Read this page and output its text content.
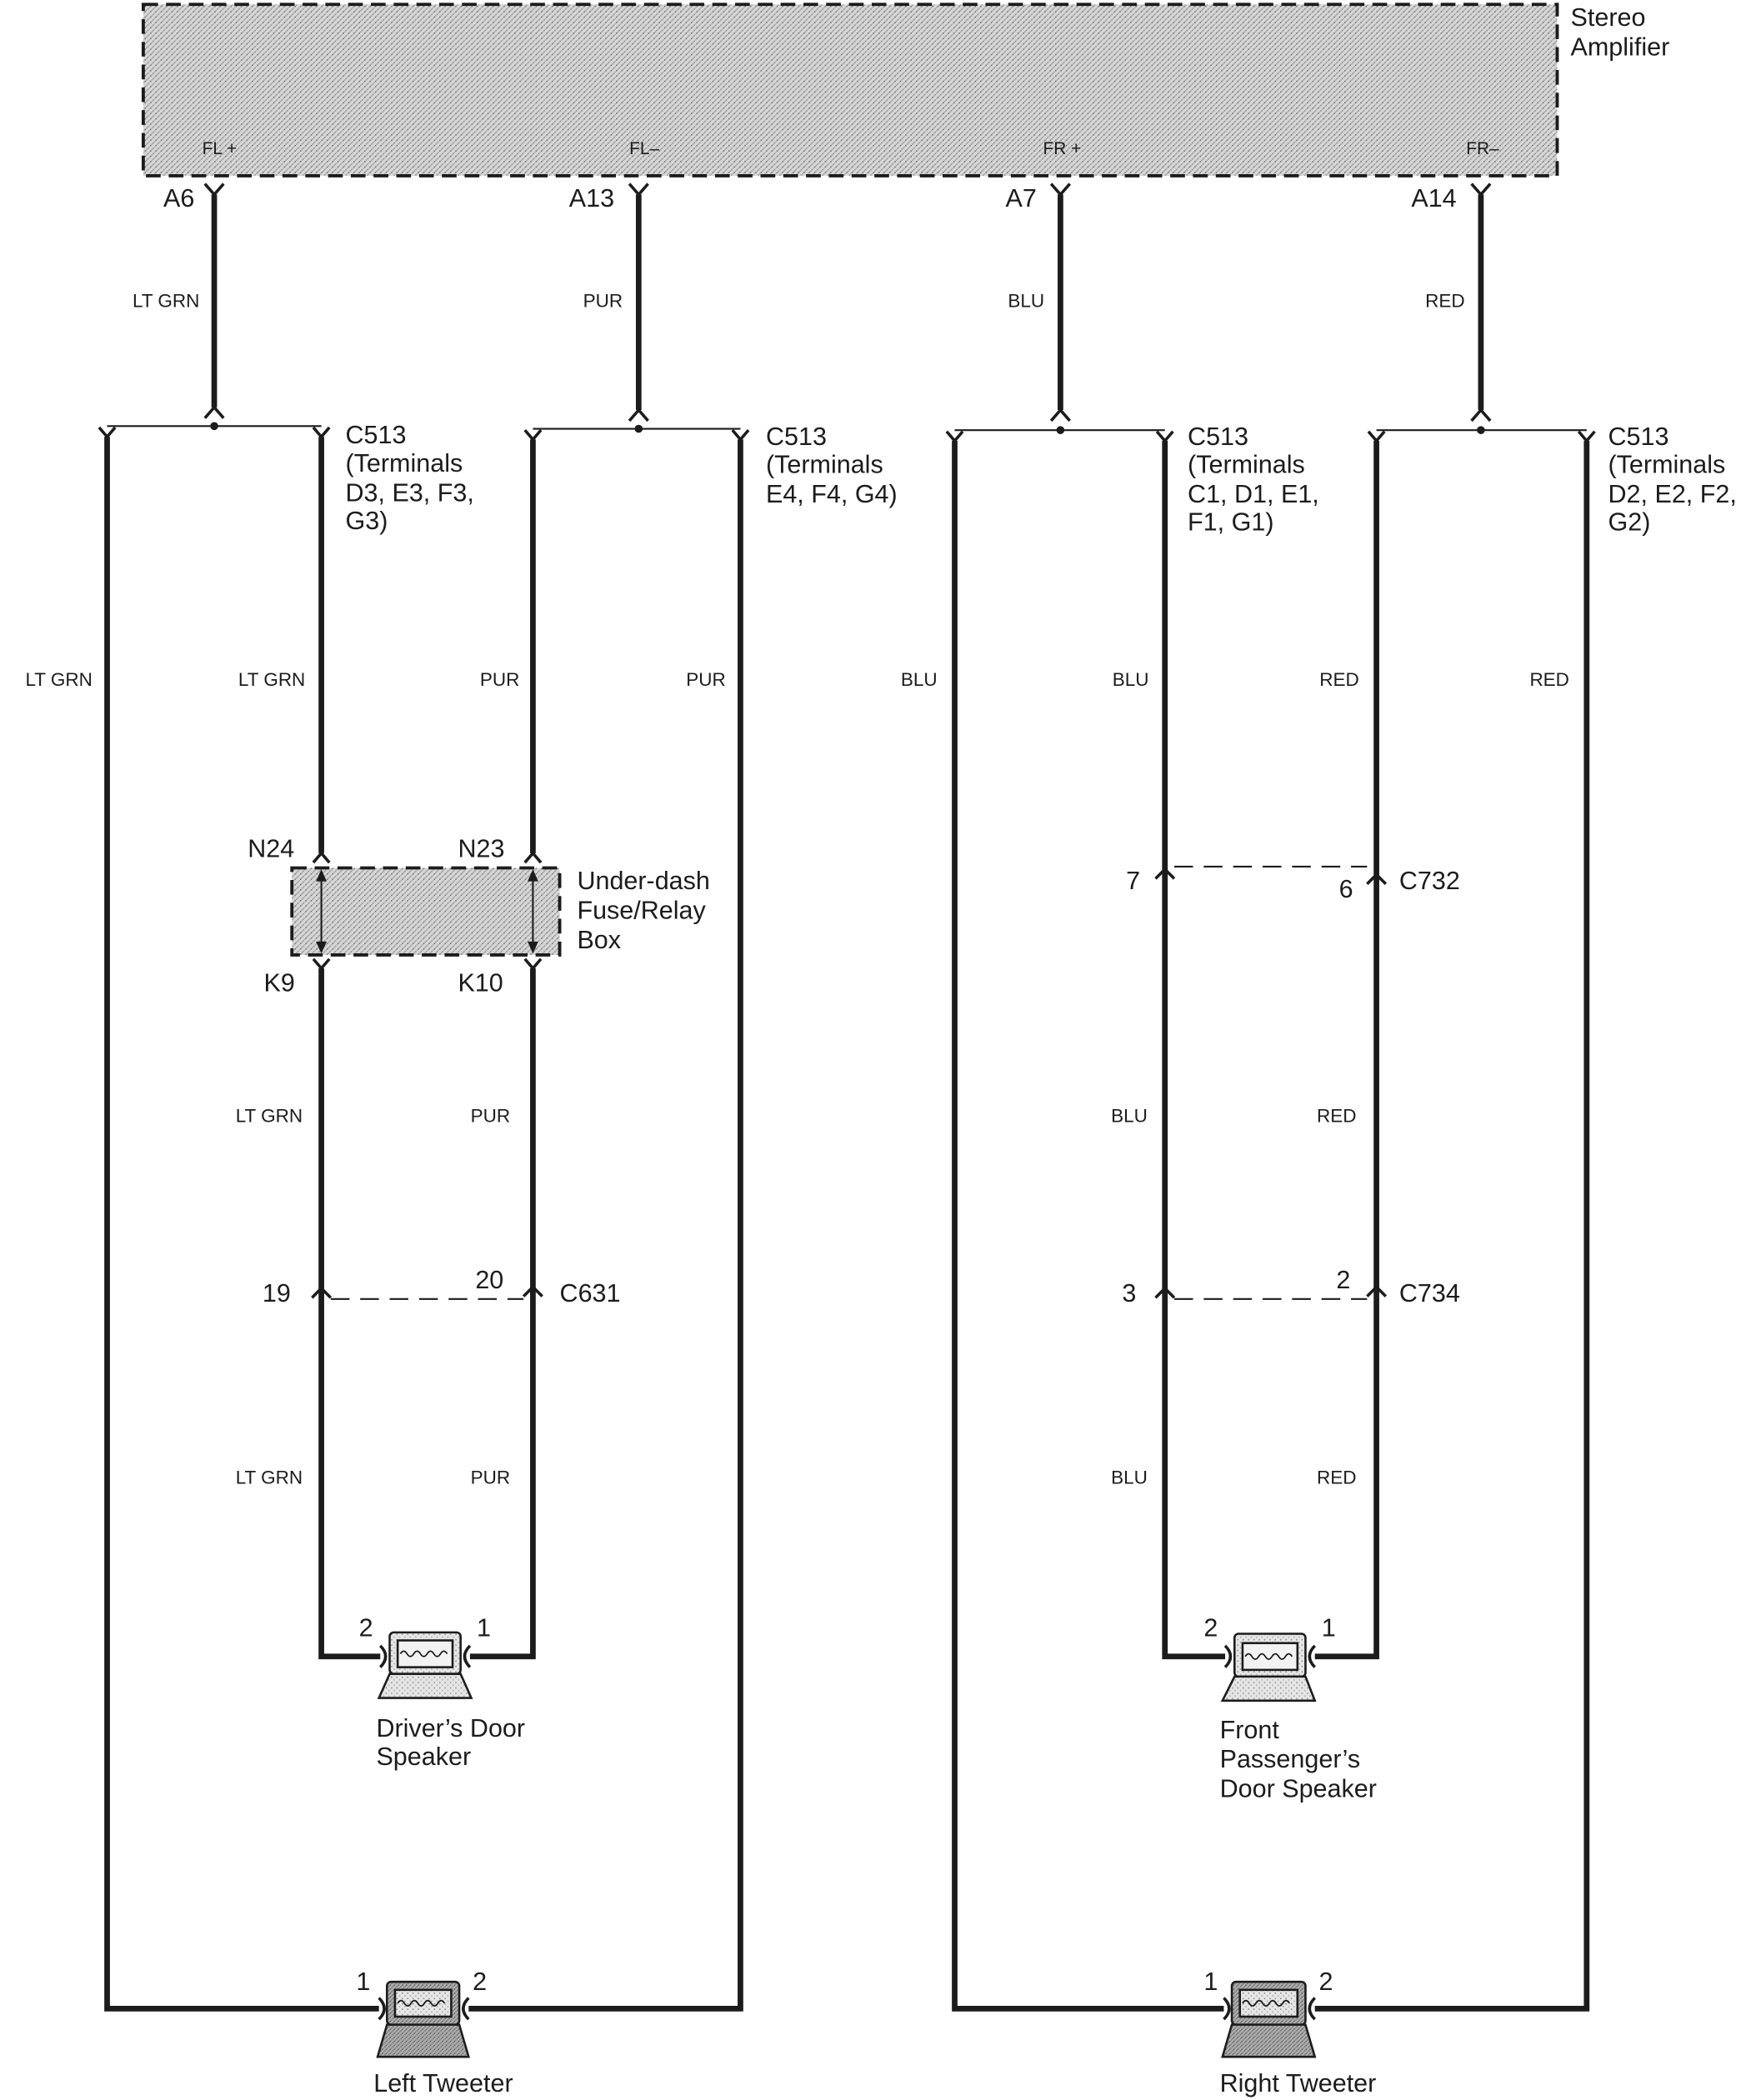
Stereo
Amplifier
FL +	FL–	FR +	FR–
A6	A13	A7	A14
LT GRN	PUR	BLU	RED
C513
(Terminals
D3, E3, F3,
G3)
C513
(Terminals
E4, F4, G4)
C513
(Terminals
C1, D1, E1,
F1, G1)
C513
(Terminals
D2, E2, F2,
G2)
LT GRN	LT GRN	PUR	PUR	BLU	BLU	RED	RED
N24	N23
K9	K10
Under-dash
Fuse/Relay
Box
7	6	C732
LT GRN	PUR	BLU	RED
19	20	C631	3	2	C734
LT GRN	PUR	BLU	RED
2	1
Driver’s Door
Speaker
2	1
Front
Passenger’s
Door Speaker
1	2
Left Tweeter
1	2
Right Tweeter
